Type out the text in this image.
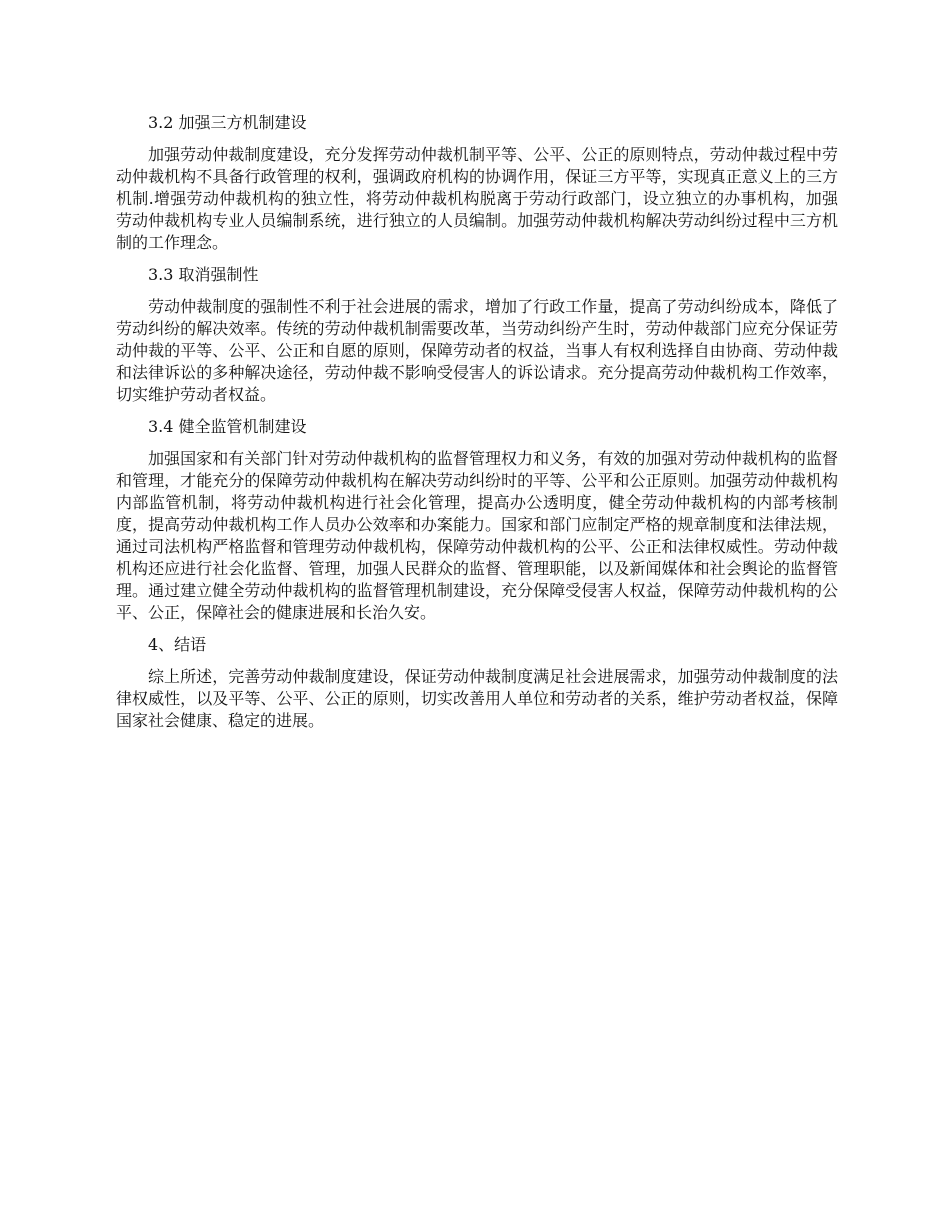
3.2 加强三方机制建设

加强劳动仲裁制度建设，充分发挥劳动仲裁机制平等、公平、公正的原则特点，劳动仲裁过程中劳动仲裁机构不具备行政管理的权利，强调政府机构的协调作用，保证三方平等，实现真正意义上的三方机制.增强劳动仲裁机构的独立性，将劳动仲裁机构脱离于劳动行政部门，设立独立的办事机构，加强劳动仲裁机构专业人员编制系统，进行独立的人员编制。加强劳动仲裁机构解决劳动纠纷过程中三方机制的工作理念。

3.3 取消强制性

劳动仲裁制度的强制性不利于社会进展的需求，增加了行政工作量，提高了劳动纠纷成本，降低了劳动纠纷的解决效率。传统的劳动仲裁机制需要改革，当劳动纠纷产生时，劳动仲裁部门应充分保证劳动仲裁的平等、公平、公正和自愿的原则，保障劳动者的权益，当事人有权利选择自由协商、劳动仲裁和法律诉讼的多种解决途径，劳动仲裁不影响受侵害人的诉讼请求。充分提高劳动仲裁机构工作效率，切实维护劳动者权益。

3.4 健全监管机制建设

加强国家和有关部门针对劳动仲裁机构的监督管理权力和义务，有效的加强对劳动仲裁机构的监督和管理，才能充分的保障劳动仲裁机构在解决劳动纠纷时的平等、公平和公正原则。加强劳动仲裁机构内部监管机制，将劳动仲裁机构进行社会化管理，提高办公透明度，健全劳动仲裁机构的内部考核制度，提高劳动仲裁机构工作人员办公效率和办案能力。国家和部门应制定严格的规章制度和法律法规，通过司法机构严格监督和管理劳动仲裁机构，保障劳动仲裁机构的公平、公正和法律权威性。劳动仲裁机构还应进行社会化监督、管理，加强人民群众的监督、管理职能，以及新闻媒体和社会舆论的监督管理。通过建立健全劳动仲裁机构的监督管理机制建设，充分保障受侵害人权益，保障劳动仲裁机构的公平、公正，保障社会的健康进展和长治久安。

4、结语

综上所述，完善劳动仲裁制度建设，保证劳动仲裁制度满足社会进展需求，加强劳动仲裁制度的法律权威性，以及平等、公平、公正的原则，切实改善用人单位和劳动者的关系，维护劳动者权益，保障国家社会健康、稳定的进展。
